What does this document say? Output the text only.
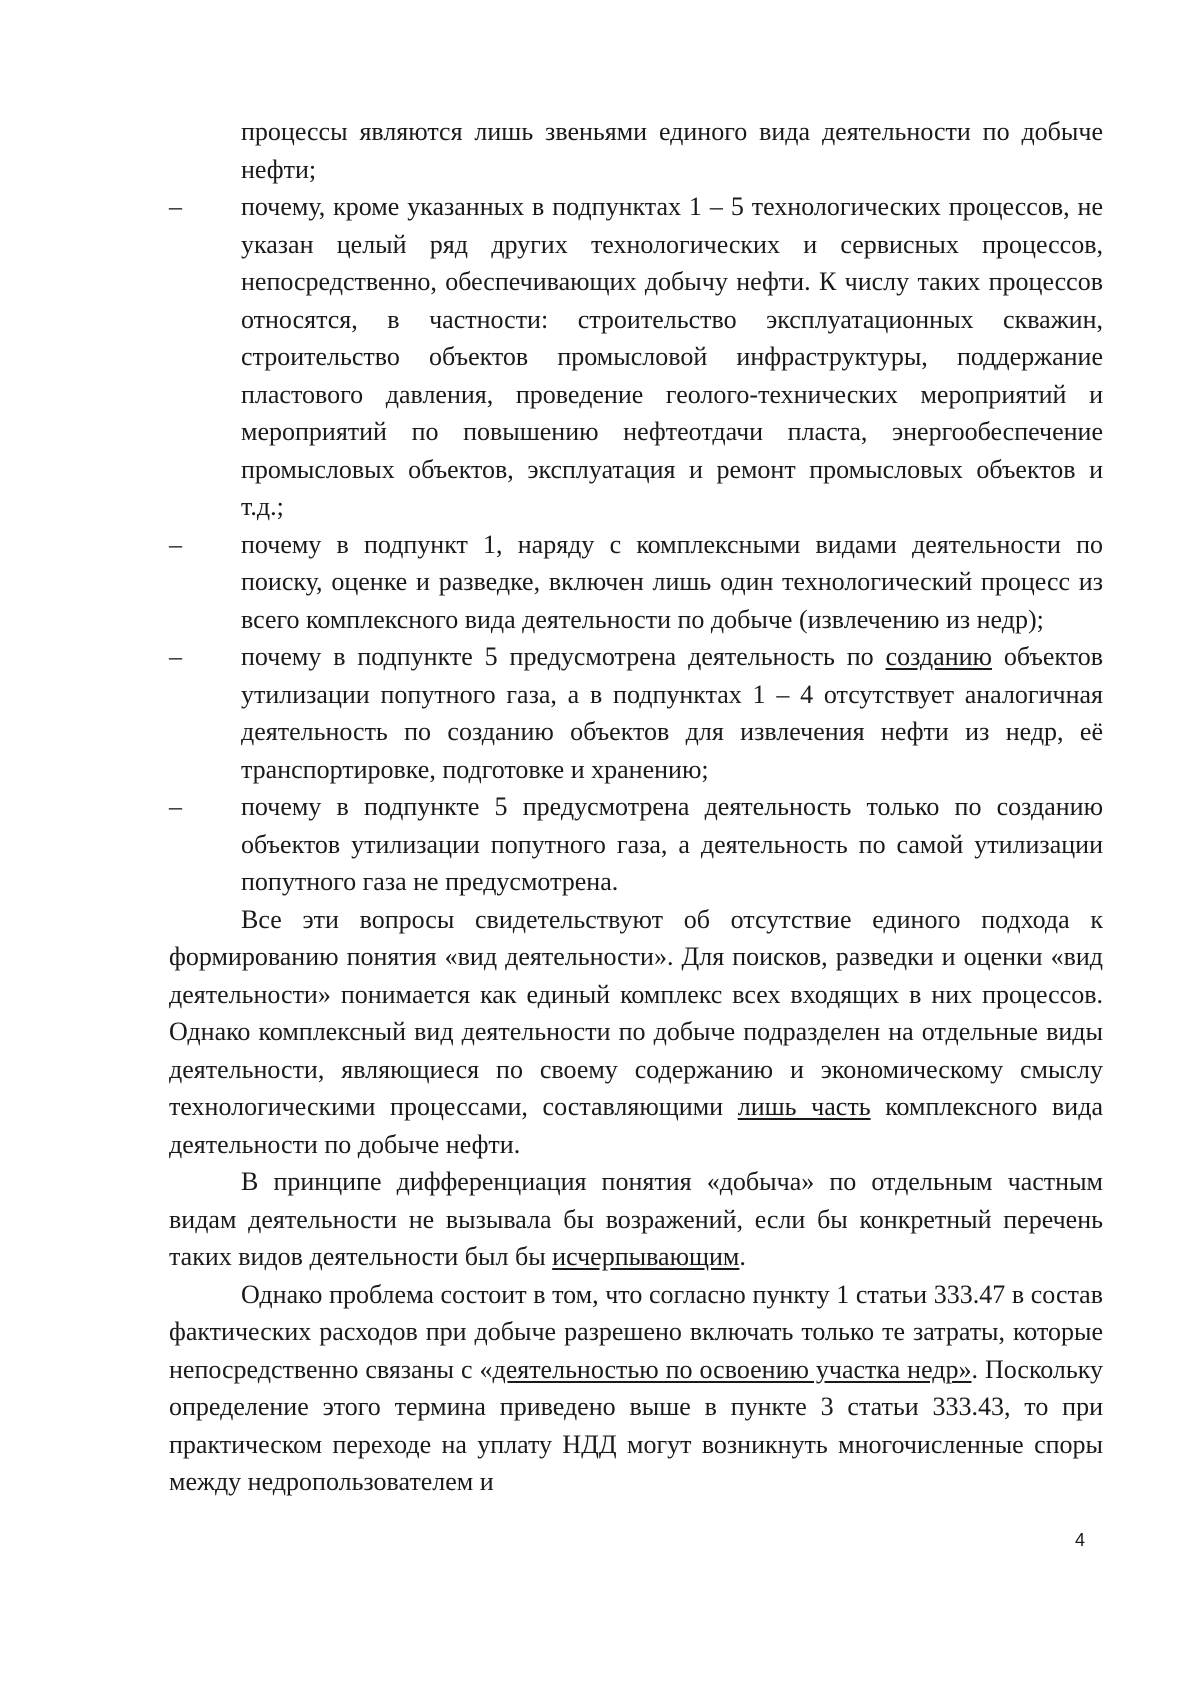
процессы являются лишь звеньями единого вида деятельности по добыче нефти;
– почему, кроме указанных в подпунктах 1 – 5 технологических процессов, не указан целый ряд других технологических и сервисных процессов, непосредственно, обеспечивающих добычу нефти. К числу таких процессов относятся, в частности: строительство эксплуатационных скважин, строительство объектов промысловой инфраструктуры, поддержание пластового давления, проведение геолого-технических мероприятий и мероприятий по повышению нефтеотдачи пласта, энергообеспечение промысловых объектов, эксплуатация и ремонт промысловых объектов и т.д.;
– почему в подпункт 1, наряду с комплексными видами деятельности по поиску, оценке и разведке, включен лишь один технологический процесс из всего комплексного вида деятельности по добыче (извлечению из недр);
– почему в подпункте 5 предусмотрена деятельность по созданию объектов утилизации попутного газа, а в подпунктах 1 – 4 отсутствует аналогичная деятельность по созданию объектов для извлечения нефти из недр, её транспортировке, подготовке и хранению;
– почему в подпункте 5 предусмотрена деятельность только по созданию объектов утилизации попутного газа, а деятельность по самой утилизации попутного газа не предусмотрена.
Все эти вопросы свидетельствуют об отсутствие единого подхода к формированию понятия «вид деятельности». Для поисков, разведки и оценки «вид деятельности» понимается как единый комплекс всех входящих в них процессов. Однако комплексный вид деятельности по добыче подразделен на отдельные виды деятельности, являющиеся по своему содержанию и экономическому смыслу технологическими процессами, составляющими лишь часть комплексного вида деятельности по добыче нефти.
В принципе дифференциация понятия «добыча» по отдельным частным видам деятельности не вызывала бы возражений, если бы конкретный перечень таких видов деятельности был бы исчерпывающим.
Однако проблема состоит в том, что согласно пункту 1 статьи 333.47 в состав фактических расходов при добыче разрешено включать только те затраты, которые непосредственно связаны с «деятельностью по освоению участка недр». Поскольку определение этого термина приведено выше в пункте 3 статьи 333.43, то при практическом переходе на уплату НДД могут возникнуть многочисленные споры между недропользователем и
4
